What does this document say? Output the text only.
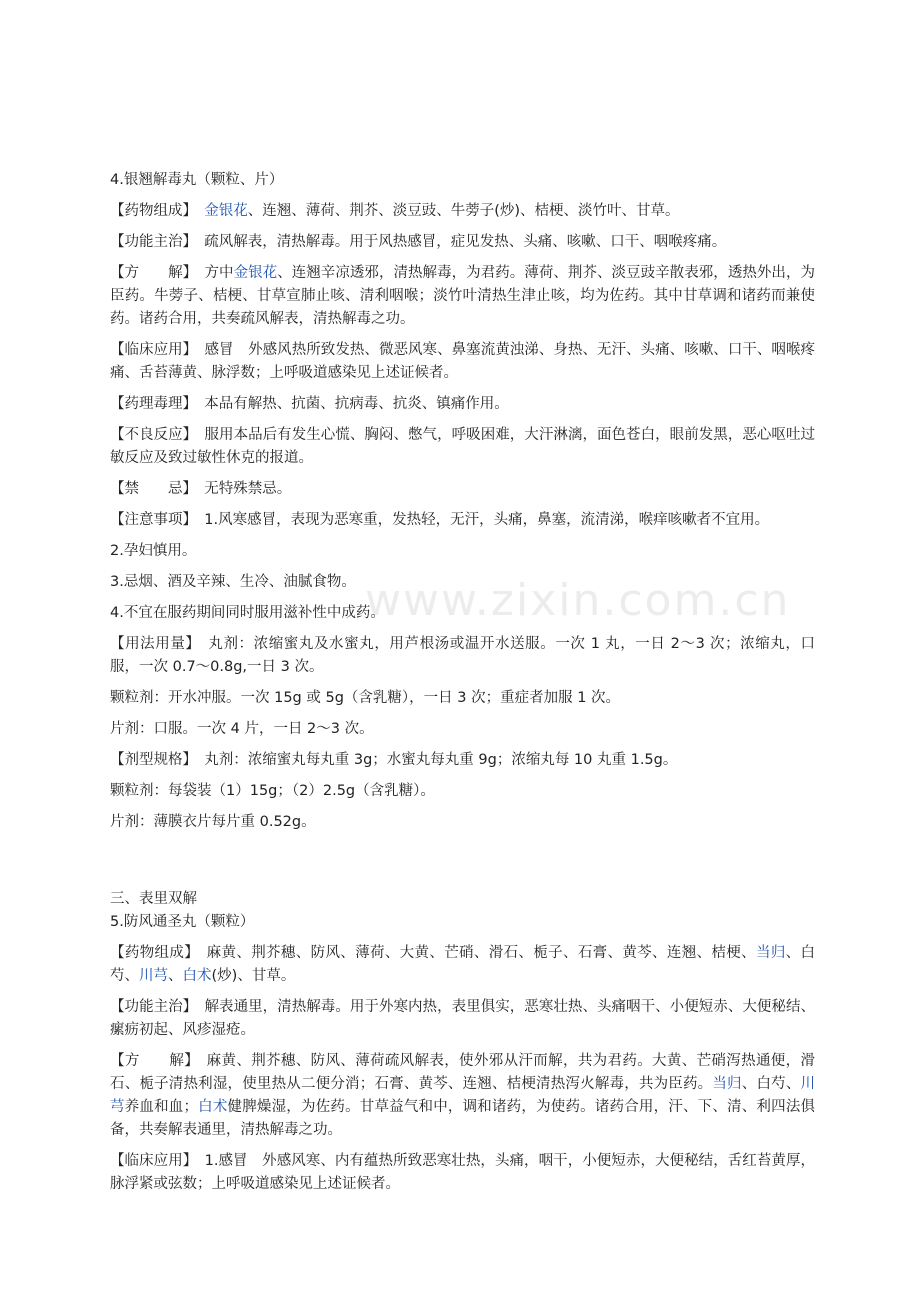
www.zixin.com.cn

4.银翘解毒丸（颗粒、片）

【药物组成】　 金银花、连翘、薄荷、荆芥、淡豆豉、牛蒡子(炒)、桔梗、淡竹叶、甘草。

【功能主治】　疏风解表，清热解毒。用于风热感冒，症见发热、头痛、咳嗽、口干、咽喉疼痛。

【方　　解】　方中金银花、连翘辛凉透邪，清热解毒，为君药。薄荷、荆芥、淡豆豉辛散表邪，透热外出，为臣药。牛蒡子、桔梗、甘草宣肺止咳、清利咽喉；淡竹叶清热生津止咳，均为佐药。其中甘草调和诸药而兼使药。诸药合用，共奏疏风解表，清热解毒之功。

【临床应用】　感冒　外感风热所致发热、微恶风寒、鼻塞流黄浊涕、身热、无汗、头痛、咳嗽、口干、咽喉疼痛、舌苔薄黄、脉浮数；上呼吸道感染见上述证候者。

【药理毒理】　本品有解热、抗菌、抗病毒、抗炎、镇痛作用。

【不良反应】　服用本品后有发生心慌、胸闷、憋气，呼吸困难，大汗淋漓，面色苍白，眼前发黑，恶心呕吐过敏反应及致过敏性休克的报道。

【禁　　忌】　无特殊禁忌。

【注意事项】　1.风寒感冒，表现为恶寒重，发热轻，无汗，头痛，鼻塞，流清涕，喉痒咳嗽者不宜用。

2.孕妇慎用。

3.忌烟、酒及辛辣、生冷、油腻食物。

4.不宜在服药期间同时服用滋补性中成药。

【用法用量】　丸剂：浓缩蜜丸及水蜜丸，用芦根汤或温开水送服。一次 1 丸，一日 2～3 次；浓缩丸，口服，一次 0.7～0.8g,一日 3 次。

颗粒剂：开水冲服。一次 15g 或 5g（含乳糖），一日 3 次；重症者加服 1 次。

片剂：口服。一次 4 片，一日 2～3 次。

【剂型规格】　丸剂：浓缩蜜丸每丸重 3g；水蜜丸每丸重 9g；浓缩丸每 10 丸重 1.5g。

颗粒剂：每袋装（1）15g；（2）2.5g（含乳糖）。

片剂：薄膜衣片每片重 0.52g。

三、表里双解

5.防风通圣丸（颗粒）

【药物组成】　麻黄、荆芥穗、防风、薄荷、大黄、芒硝、滑石、栀子、石膏、黄芩、连翘、桔梗、当归、白芍、川芎、白术(炒)、甘草。

【功能主治】　解表通里，清热解毒。用于外寒内热，表里俱实，恶寒壮热、头痛咽干、小便短赤、大便秘结、瘰疬初起、风疹湿疮。

【方　　解】　麻黄、荆芥穗、防风、薄荷疏风解表，使外邪从汗而解，共为君药。大黄、芒硝泻热通便，滑石、栀子清热利湿，使里热从二便分消；石膏、黄芩、连翘、桔梗清热泻火解毒，共为臣药。当归、白芍、川芎养血和血；白术健脾燥湿，为佐药。甘草益气和中，调和诸药，为使药。诸药合用，汗、下、清、利四法俱备，共奏解表通里，清热解毒之功。

【临床应用】　1.感冒　外感风寒、内有蕴热所致恶寒壮热，头痛，咽干，小便短赤，大便秘结，舌红苔黄厚，脉浮紧或弦数；上呼吸道感染见上述证候者。
